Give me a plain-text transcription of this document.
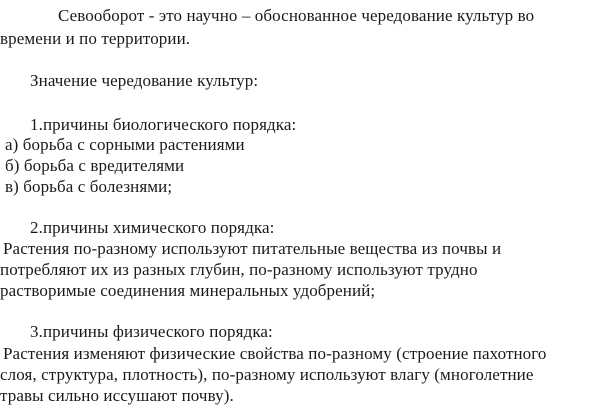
Севооборот - это научно – обоснованное чередование культур во
времени и по территории.
Значение чередование культур:
1.причины биологического порядка:
а) борьба с сорными растениями
б) борьба с вредителями
в) борьба с болезнями;
2.причины химического порядка:
Растения по-разному используют питательные вещества из почвы и
потребляют их из разных глубин, по-разному используют трудно
растворимые соединения минеральных удобрений;
3.причины физического порядка:
Растения изменяют физические свойства по-разному (строение пахотного
слоя, структура, плотность), по-разному используют влагу (многолетние
травы сильно иссушают почву).
